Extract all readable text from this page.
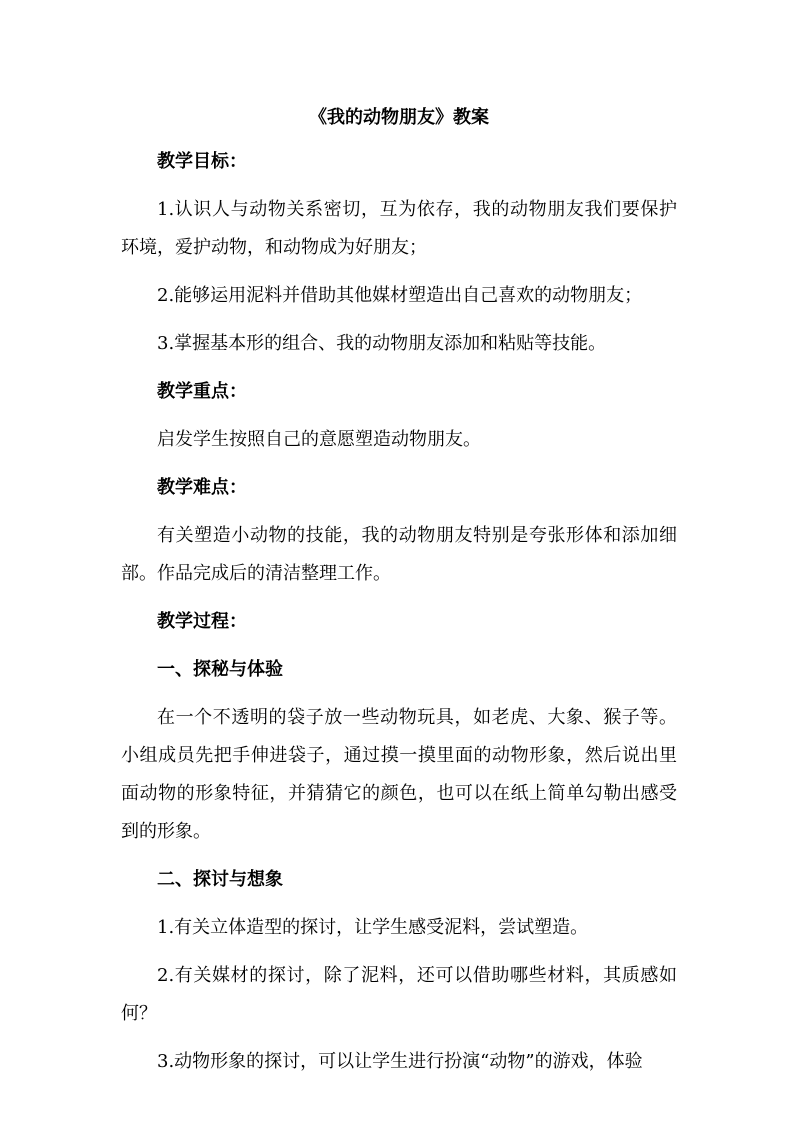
《我的动物朋友》教案
教学目标：
1.认识人与动物关系密切，互为依存，我的动物朋友我们要保护环境，爱护动物，和动物成为好朋友；
2.能够运用泥料并借助其他媒材塑造出自己喜欢的动物朋友；
3.掌握基本形的组合、我的动物朋友添加和粘贴等技能。
教学重点：
启发学生按照自己的意愿塑造动物朋友。
教学难点：
有关塑造小动物的技能，我的动物朋友特别是夸张形体和添加细部。作品完成后的清洁整理工作。
教学过程：
一、探秘与体验
在一个不透明的袋子放一些动物玩具，如老虎、大象、猴子等。小组成员先把手伸进袋子，通过摸一摸里面的动物形象，然后说出里面动物的形象特征，并猜猜它的颜色，也可以在纸上简单勾勒出感受到的形象。
二、探讨与想象
1.有关立体造型的探讨，让学生感受泥料，尝试塑造。
2.有关媒材的探讨，除了泥料，还可以借助哪些材料，其质感如何？
3.动物形象的探讨，可以让学生进行扮演“动物”的游戏，体验
